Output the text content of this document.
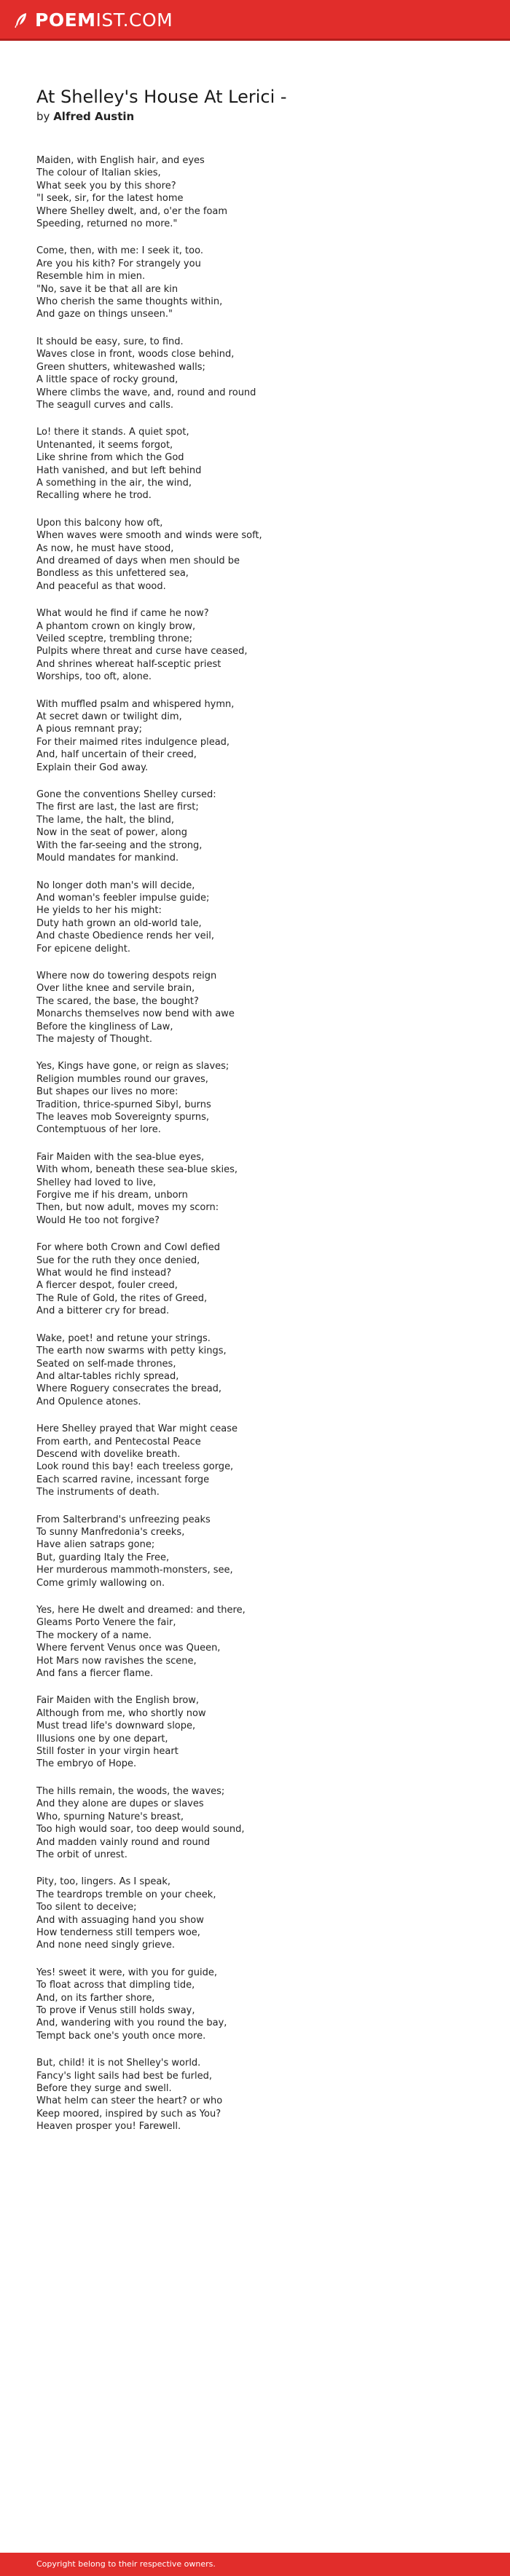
POEMIST.COM
At Shelley's House At Lerici -
by Alfred Austin

Maiden, with English hair, and eyes
The colour of Italian skies,
What seek you by this shore?
"I seek, sir, for the latest home
Where Shelley dwelt, and, o'er the foam
Speeding, returned no more."

Come, then, with me: I seek it, too.
Are you his kith? For strangely you
Resemble him in mien.
"No, save it be that all are kin
Who cherish the same thoughts within,
And gaze on things unseen."

It should be easy, sure, to find.
Waves close in front, woods close behind,
Green shutters, whitewashed walls;
A little space of rocky ground,
Where climbs the wave, and, round and round
The seagull curves and calls.

Lo! there it stands. A quiet spot,
Untenanted, it seems forgot,
Like shrine from which the God
Hath vanished, and but left behind
A something in the air, the wind,
Recalling where he trod.

Upon this balcony how oft,
When waves were smooth and winds were soft,
As now, he must have stood,
And dreamed of days when men should be
Bondless as this unfettered sea,
And peaceful as that wood.

What would he find if came he now?
A phantom crown on kingly brow,
Veiled sceptre, trembling throne;
Pulpits where threat and curse have ceased,
And shrines whereat half-sceptic priest
Worships, too oft, alone.

With muffled psalm and whispered hymn,
At secret dawn or twilight dim,
A pious remnant pray;
For their maimed rites indulgence plead,
And, half uncertain of their creed,
Explain their God away.

Gone the conventions Shelley cursed:
The first are last, the last are first;
The lame, the halt, the blind,
Now in the seat of power, along
With the far-seeing and the strong,
Mould mandates for mankind.

No longer doth man's will decide,
And woman's feebler impulse guide;
He yields to her his might:
Duty hath grown an old-world tale,
And chaste Obedience rends her veil,
For epicene delight.

Where now do towering despots reign
Over lithe knee and servile brain,
The scared, the base, the bought?
Monarchs themselves now bend with awe
Before the kingliness of Law,
The majesty of Thought.

Yes, Kings have gone, or reign as slaves;
Religion mumbles round our graves,
But shapes our lives no more:
Tradition, thrice-spurned Sibyl, burns
The leaves mob Sovereignty spurns,
Contemptuous of her lore.

Fair Maiden with the sea-blue eyes,
With whom, beneath these sea-blue skies,
Shelley had loved to live,
Forgive me if his dream, unborn
Then, but now adult, moves my scorn:
Would He too not forgive?

For where both Crown and Cowl defied
Sue for the ruth they once denied,
What would he find instead?
A fiercer despot, fouler creed,
The Rule of Gold, the rites of Greed,
And a bitterer cry for bread.

Wake, poet! and retune your strings.
The earth now swarms with petty kings,
Seated on self-made thrones,
And altar-tables richly spread,
Where Roguery consecrates the bread,
And Opulence atones.

Here Shelley prayed that War might cease
From earth, and Pentecostal Peace
Descend with dovelike breath.
Look round this bay! each treeless gorge,
Each scarred ravine, incessant forge
The instruments of death.

From Salterbrand's unfreezing peaks
To sunny Manfredonia's creeks,
Have alien satraps gone;
But, guarding Italy the Free,
Her murderous mammoth-monsters, see,
Come grimly wallowing on.

Yes, here He dwelt and dreamed: and there,
Gleams Porto Venere the fair,
The mockery of a name.
Where fervent Venus once was Queen,
Hot Mars now ravishes the scene,
And fans a fiercer flame.

Fair Maiden with the English brow,
Although from me, who shortly now
Must tread life's downward slope,
Illusions one by one depart,
Still foster in your virgin heart
The embryo of Hope.

The hills remain, the woods, the waves;
And they alone are dupes or slaves
Who, spurning Nature's breast,
Too high would soar, too deep would sound,
And madden vainly round and round
The orbit of unrest.

Pity, too, lingers. As I speak,
The teardrops tremble on your cheek,
Too silent to deceive;
And with assuaging hand you show
How tenderness still tempers woe,
And none need singly grieve.

Yes! sweet it were, with you for guide,
To float across that dimpling tide,
And, on its farther shore,
To prove if Venus still holds sway,
And, wandering with you round the bay,
Tempt back one's youth once more.

But, child! it is not Shelley's world.
Fancy's light sails had best be furled,
Before they surge and swell.
What helm can steer the heart? or who
Keep moored, inspired by such as You?
Heaven prosper you! Farewell.

Copyright belong to their respective owners.
